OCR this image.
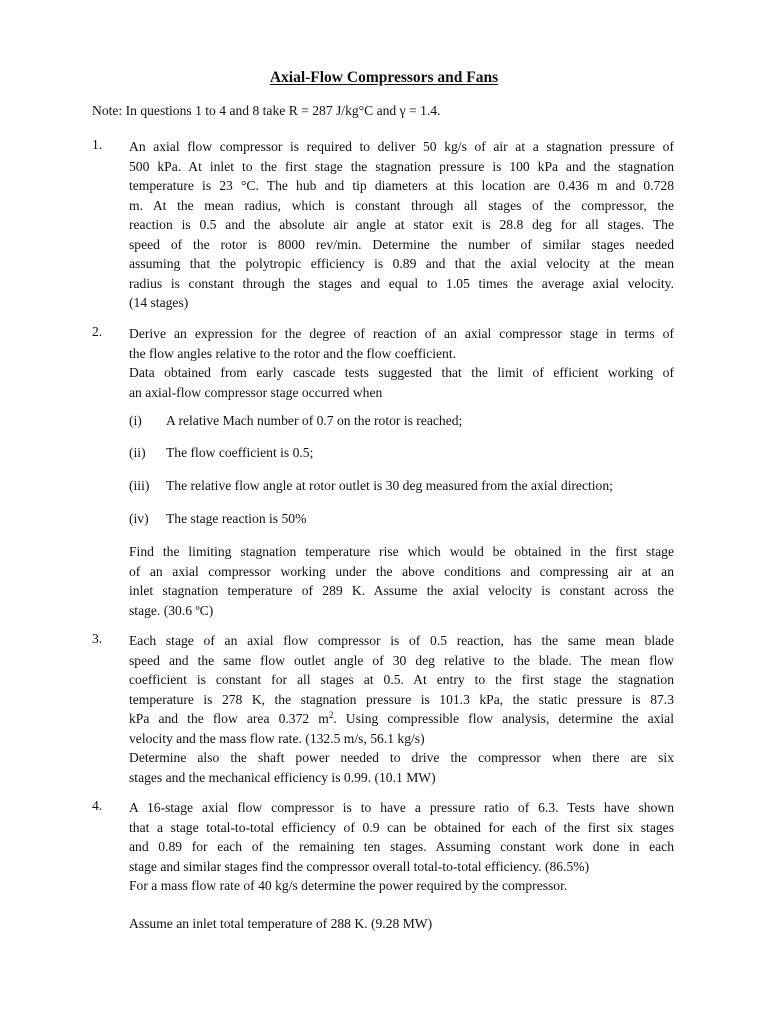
Axial-Flow Compressors and Fans
Note: In questions 1 to 4 and 8 take R = 287 J/kg°C and γ = 1.4.
1. An axial flow compressor is required to deliver 50 kg/s of air at a stagnation pressure of
500 kPa. At inlet to the first stage the stagnation pressure is 100 kPa and the stagnation
temperature is 23 °C. The hub and tip diameters at this location are 0.436 m and 0.728
m. At the mean radius, which is constant through all stages of the compressor, the
reaction is 0.5 and the absolute air angle at stator exit is 28.8 deg for all stages. The
speed of the rotor is 8000 rev/min. Determine the number of similar stages needed
assuming that the polytropic efficiency is 0.89 and that the axial velocity at the mean
radius is constant through the stages and equal to 1.05 times the average axial velocity.
(14 stages)
2. Derive an expression for the degree of reaction of an axial compressor stage in terms of
the flow angles relative to the rotor and the flow coefficient.
Data obtained from early cascade tests suggested that the limit of efficient working of
an axial-flow compressor stage occurred when
(i) A relative Mach number of 0.7 on the rotor is reached;
(ii) The flow coefficient is 0.5;
(iii) The relative flow angle at rotor outlet is 30 deg measured from the axial direction;
(iv) The stage reaction is 50%
Find the limiting stagnation temperature rise which would be obtained in the first stage
of an axial compressor working under the above conditions and compressing air at an
inlet stagnation temperature of 289 K. Assume the axial velocity is constant across the
stage. (30.6 ºC)
3. Each stage of an axial flow compressor is of 0.5 reaction, has the same mean blade
speed and the same flow outlet angle of 30 deg relative to the blade. The mean flow
coefficient is constant for all stages at 0.5. At entry to the first stage the stagnation
temperature is 278 K, the stagnation pressure is 101.3 kPa, the static pressure is 87.3
kPa and the flow area 0.372 $m^2$. Using compressible flow analysis, determine the axial
velocity and the mass flow rate. (132.5 m/s, 56.1 kg/s)
Determine also the shaft power needed to drive the compressor when there are six
stages and the mechanical efficiency is 0.99. (10.1 MW)
4. A 16-stage axial flow compressor is to have a pressure ratio of 6.3. Tests have shown
that a stage total-to-total efficiency of 0.9 can be obtained for each of the first six stages
and 0.89 for each of the remaining ten stages. Assuming constant work done in each
stage and similar stages find the compressor overall total-to-total efficiency. (86.5%)
For a mass flow rate of 40 kg/s determine the power required by the compressor.
Assume an inlet total temperature of 288 K. (9.28 MW)
